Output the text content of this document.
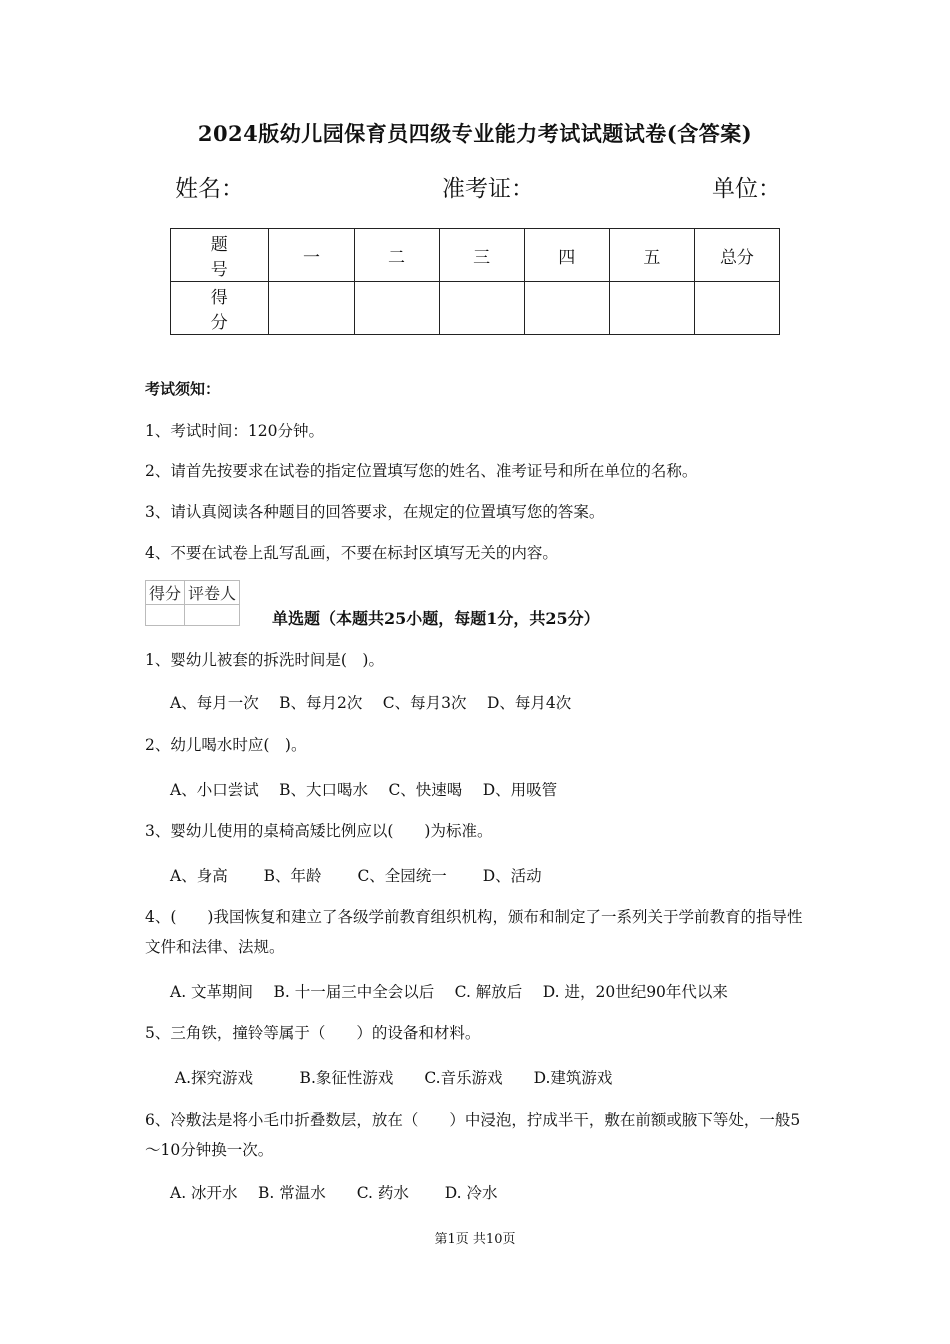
2024版幼儿园保育员四级专业能力考试试题试卷(含答案)
姓名：	准考证：	单位：
题　号	一	二	三	四	五	总分
得　分						
考试须知：
1、考试时间：120分钟。
2、请首先按要求在试卷的指定位置填写您的姓名、准考证号和所在单位的名称。
3、请认真阅读各种题目的回答要求，在规定的位置填写您的答案。
4、不要在试卷上乱写乱画，不要在标封区填写无关的内容。
得分	评卷人

单选题（本题共25小题，每题1分，共25分）
1、婴幼儿被套的拆洗时间是(　)。
A、每月一次　 B、每月2次　 C、每月3次　 D、每月4次
2、幼儿喝水时应(　)。
A、小口尝试　 B、大口喝水　 C、快速喝　 D、用吸管
3、婴幼儿使用的桌椅高矮比例应以(　　)为标准。
A、身高　　 B、年龄　　 C、全园统一　　 D、活动
4、(　　)我国恢复和建立了各级学前教育组织机构，颁布和制定了一系列关于学前教育的指导性文件和法律、法规。
A. 文革期间　 B. 十一届三中全会以后　 C. 解放后　 D. 进，20世纪90年代以来
5、三角铁，撞铃等属于（　　）的设备和材料。
A.探究游戏　　　B.象征性游戏　　C.音乐游戏　　D.建筑游戏
6、冷敷法是将小毛巾折叠数层，放在（　　）中浸泡，拧成半干，敷在前额或腋下等处，一般5～10分钟换一次。
A. 冰开水　 B. 常温水　　C. 药水　　 D. 冷水
第1页 共10页
